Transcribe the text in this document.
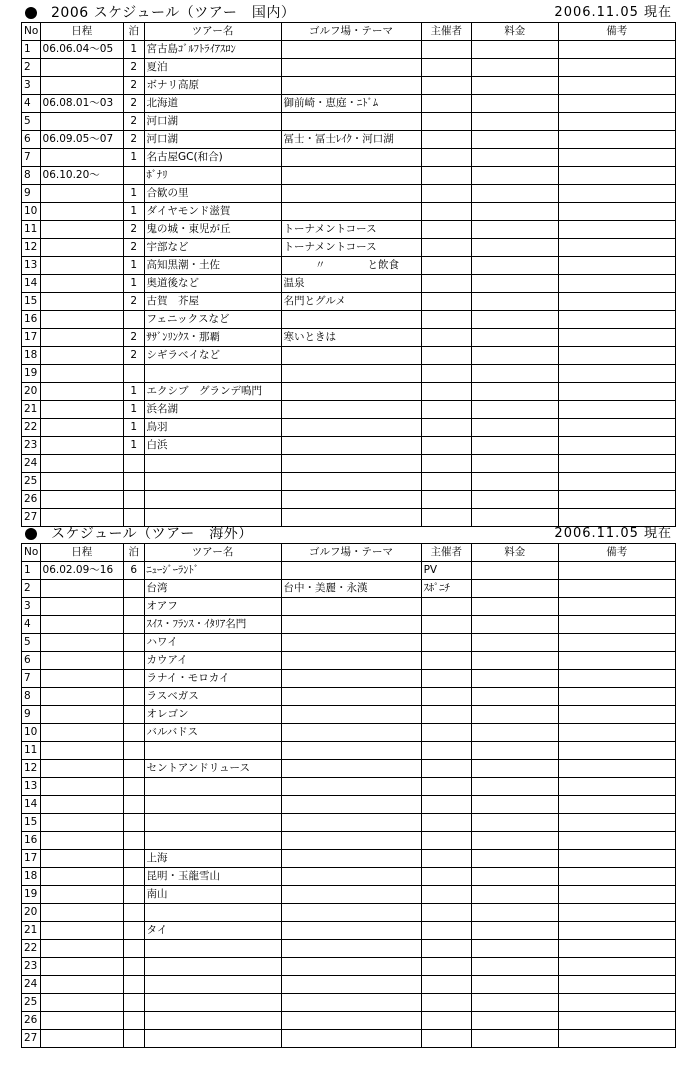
2006 スケジュール（ツアー　国内）	2006.11.05 現在
No	日程	泊	ツアー名	ゴルフ場・テーマ	主催者	料金	備考
1	06.06.04〜05	1	宮古島ｺﾞﾙﾌﾄﾗｲｱｽﾛﾝ				
2		2	夏泊				
3		2	ボナリ高原				
4	06.08.01〜03	2	北海道	御前崎・恵庭・ﾆﾄﾞﾑ			
5		2	河口湖				
6	06.09.05〜07	2	河口湖	冨士・冨士ﾚｲｸ・河口湖			
7		1	名古屋GC(和合)				
8	06.10.20〜		ﾎﾞﾅﾘ				
9		1	合歓の里				
10		1	ダイヤモンド滋賀				
11		2	鬼の城・東児が丘	トーナメントコース			
12		2	宇部など	トーナメントコース			
13		1	高知黒潮・土佐	　　　〃　　　　と飲食			
14		1	奥道後など	温泉			
15		2	古賀　芥屋	名門とグルメ			
16			フェニックスなど				
17		2	ｻｻﾞﾝﾘﾝｸｽ・那覇	寒いときは			
18		2	シギラベイなど				
19							
20		1	エクシブ　グランデ鳴門				
21		1	浜名湖				
22		1	鳥羽				
23		1	白浜				
24							
25							
26							
27							
スケジュール（ツアー　海外）	2006.11.05 現在
No	日程	泊	ツアー名	ゴルフ場・テーマ	主催者	料金	備考
1	06.02.09〜16	6	ﾆｭｰｼﾞｰﾗﾝﾄﾞ		PV		
2			台湾	台中・美麗・永漢	ｽﾎﾟﾆﾁ		
3			オアフ				
4			ｽｲｽ・ﾌﾗﾝｽ・ｲﾀﾘｱ名門				
5			ハワイ				
6			カウアイ				
7			ラナイ・モロカイ				
8			ラスベガス				
9			オレゴン				
10			バルバドス				
11							
12			セントアンドリュース				
13							
14							
15							
16							
17			上海				
18			昆明・玉龍雪山				
19			南山				
20							
21			タイ				
22							
23							
24							
25							
26							
27							
